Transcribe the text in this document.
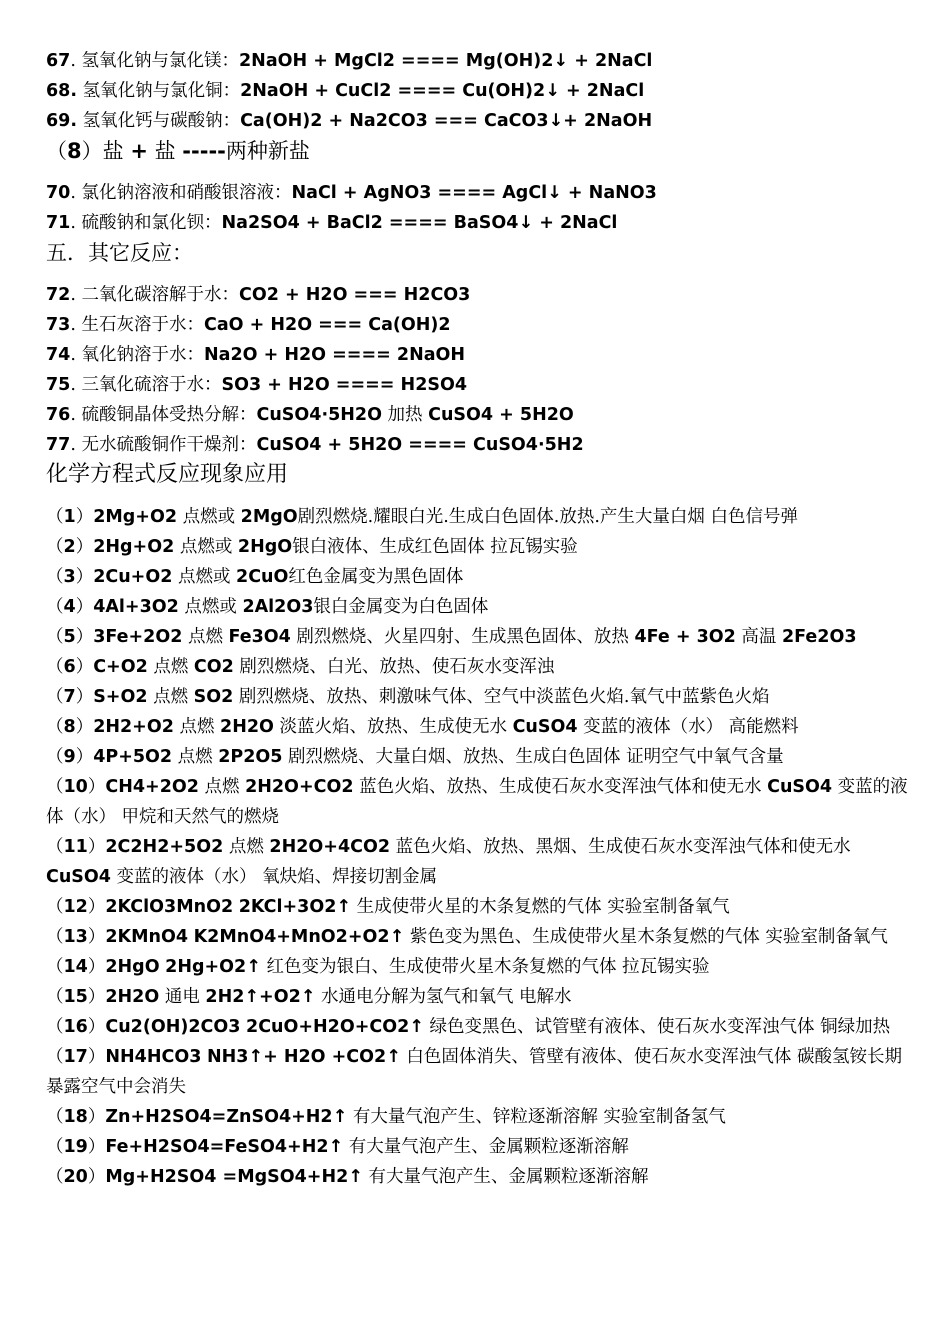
67. 氢氧化钠与氯化镁：2NaOH + MgCl2 ==== Mg(OH)2↓ + 2NaCl
68. 氢氧化钠与氯化铜：2NaOH + CuCl2 ==== Cu(OH)2↓ + 2NaCl
69. 氢氧化钙与碳酸钠：Ca(OH)2 + Na2CO3 === CaCO3↓+ 2NaOH
（8）盐 + 盐 -----两种新盐
70. 氯化钠溶液和硝酸银溶液：NaCl + AgNO3 ==== AgCl↓ + NaNO3
71. 硫酸钠和氯化钡：Na2SO4 + BaCl2 ==== BaSO4↓ + 2NaCl
五．其它反应：
72. 二氧化碳溶解于水：CO2 + H2O === H2CO3
73. 生石灰溶于水：CaO + H2O === Ca(OH)2
74. 氧化钠溶于水：Na2O + H2O ==== 2NaOH
75. 三氧化硫溶于水：SO3 + H2O ==== H2SO4
76. 硫酸铜晶体受热分解：CuSO4·5H2O 加热 CuSO4 + 5H2O
77. 无水硫酸铜作干燥剂：CuSO4 + 5H2O ==== CuSO4·5H2
化学方程式反应现象应用
（1）2Mg+O2 点燃或 2MgO剧烈燃烧.耀眼白光.生成白色固体.放热.产生大量白烟 白色信号弹
（2）2Hg+O2 点燃或 2HgO银白液体、生成红色固体 拉瓦锡实验
（3）2Cu+O2 点燃或 2CuO红色金属变为黑色固体
（4）4Al+3O2 点燃或 2Al2O3银白金属变为白色固体
（5）3Fe+2O2 点燃 Fe3O4 剧烈燃烧、火星四射、生成黑色固体、放热 4Fe + 3O2 高温 2Fe2O3
（6）C+O2 点燃 CO2 剧烈燃烧、白光、放热、使石灰水变浑浊
（7）S+O2 点燃 SO2 剧烈燃烧、放热、刺激味气体、空气中淡蓝色火焰.氧气中蓝紫色火焰
（8）2H2+O2 点燃 2H2O 淡蓝火焰、放热、生成使无水 CuSO4 变蓝的液体（水） 高能燃料
（9）4P+5O2 点燃 2P2O5 剧烈燃烧、大量白烟、放热、生成白色固体 证明空气中氧气含量
（10）CH4+2O2 点燃 2H2O+CO2 蓝色火焰、放热、生成使石灰水变浑浊气体和使无水 CuSO4 变蓝的液体（水） 甲烷和天然气的燃烧
（11）2C2H2+5O2 点燃 2H2O+4CO2 蓝色火焰、放热、黑烟、生成使石灰水变浑浊气体和使无水 CuSO4 变蓝的液体（水） 氧炔焰、焊接切割金属
（12）2KClO3MnO2 2KCl+3O2↑ 生成使带火星的木条复燃的气体 实验室制备氧气
（13）2KMnO4 K2MnO4+MnO2+O2↑ 紫色变为黑色、生成使带火星木条复燃的气体 实验室制备氧气
（14）2HgO 2Hg+O2↑ 红色变为银白、生成使带火星木条复燃的气体 拉瓦锡实验
（15）2H2O 通电 2H2↑+O2↑ 水通电分解为氢气和氧气 电解水
（16）Cu2(OH)2CO3 2CuO+H2O+CO2↑ 绿色变黑色、试管壁有液体、使石灰水变浑浊气体 铜绿加热
（17）NH4HCO3 NH3↑+ H2O +CO2↑ 白色固体消失、管壁有液体、使石灰水变浑浊气体 碳酸氢铵长期暴露空气中会消失
（18）Zn+H2SO4=ZnSO4+H2↑ 有大量气泡产生、锌粒逐渐溶解 实验室制备氢气
（19）Fe+H2SO4=FeSO4+H2↑ 有大量气泡产生、金属颗粒逐渐溶解
（20）Mg+H2SO4 =MgSO4+H2↑ 有大量气泡产生、金属颗粒逐渐溶解
